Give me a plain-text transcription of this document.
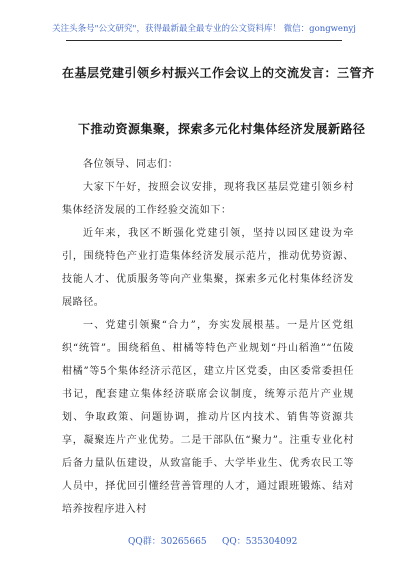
关注头条号"公文研究"，获得最新最全最专业的公文资料库！ 微信：gongwenyj
在基层党建引领乡村振兴工作会议上的交流发言：三管齐
下推动资源集聚，探索多元化村集体经济发展新路径

各位领导、同志们：

大家下午好，按照会议安排，现将我区基层党建引领乡村集体经济发展的工作经验交流如下：

近年来，我区不断强化党建引领，坚持以园区建设为牵引，围绕特色产业打造集体经济发展示范片，推动优势资源、技能人才、优质服务等向产业集聚，探索多元化村集体经济发展路径。

一、党建引领聚“合力”，夯实发展根基。一是片区党组织“统管”。围绕稻鱼、柑橘等特色产业规划“丹山稻渔”“伍陵柑橘”等5个集体经济示范区，建立片区党委，由区委常委担任书记，配套建立集体经济联席会议制度，统筹示范片产业规划、争取政策、问题协调，推动片区内技术、销售等资源共享，凝聚连片产业优势。二是干部队伍“聚力”。注重专业化村后备力量队伍建设，从致富能手、大学毕业生、优秀农民工等人员中，择优回引懂经营善管理的人才，通过跟班锻炼、结对培养按程序进入村

QQ群：30265665 QQ：535304092
